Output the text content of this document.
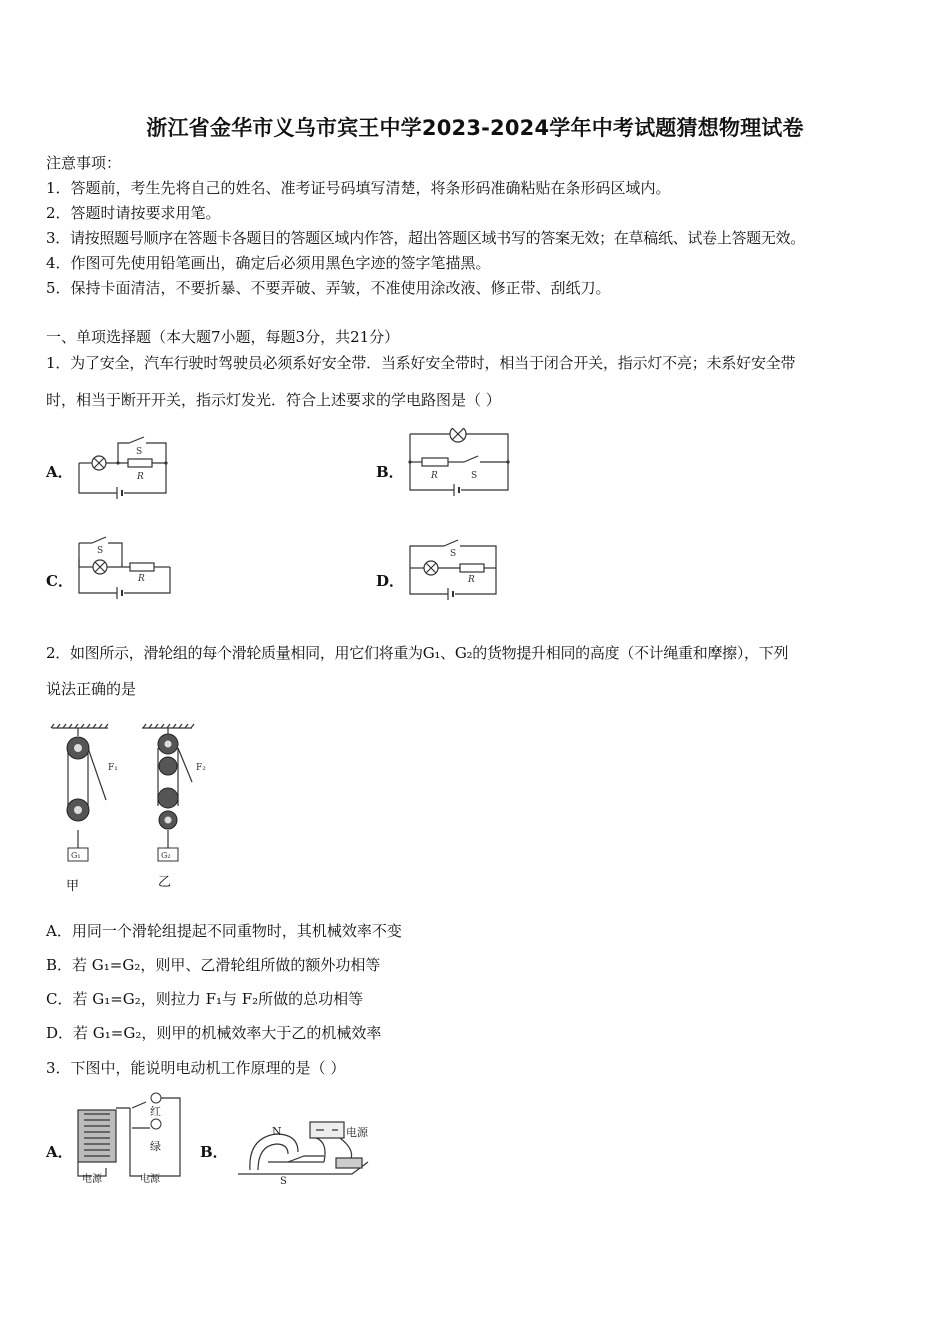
浙江省金华市义乌市宾王中学2023-2024学年中考试题猜想物理试卷
注意事项：
1．答题前，考生先将自己的姓名、准考证号码填写清楚，将条形码准确粘贴在条形码区域内。
2．答题时请按要求用笔。
3．请按照题号顺序在答题卡各题目的答题区域内作答，超出答题区域书写的答案无效；在草稿纸、试卷上答题无效。
4．作图可先使用铅笔画出，确定后必须用黑色字迹的签字笔描黑。
5．保持卡面清洁，不要折暴、不要弄破、弄皱，不准使用涂改液、修正带、刮纸刀。
一、单项选择题（本大题7小题，每题3分，共21分）
1．为了安全，汽车行驶时驾驶员必须系好安全带．当系好安全带时，相当于闭合开关，指示灯不亮；未系好安全带
时，相当于断开开关，指示灯发光．符合上述要求的学电路图是（ ）
A．	B．
C．	D．
S
R	R	S
S
R
S
R
2．如图所示，滑轮组的每个滑轮质量相同，用它们将重为G₁、G₂的货物提升相同的高度（不计绳重和摩擦），下列
说法正确的是
F₁	F₂
G₁	G₂
甲	乙
A．用同一个滑轮组提起不同重物时，其机械效率不变
B．若 G₁=G₂，则甲、乙滑轮组所做的额外功相等
C．若 G₁=G₂，则拉力 F₁与 F₂所做的总功相等
D．若 G₁=G₂，则甲的机械效率大于乙的机械效率
3．下图中，能说明电动机工作原理的是（ ）
A．	B．
红
绿
电源	电源
N
S
电源
